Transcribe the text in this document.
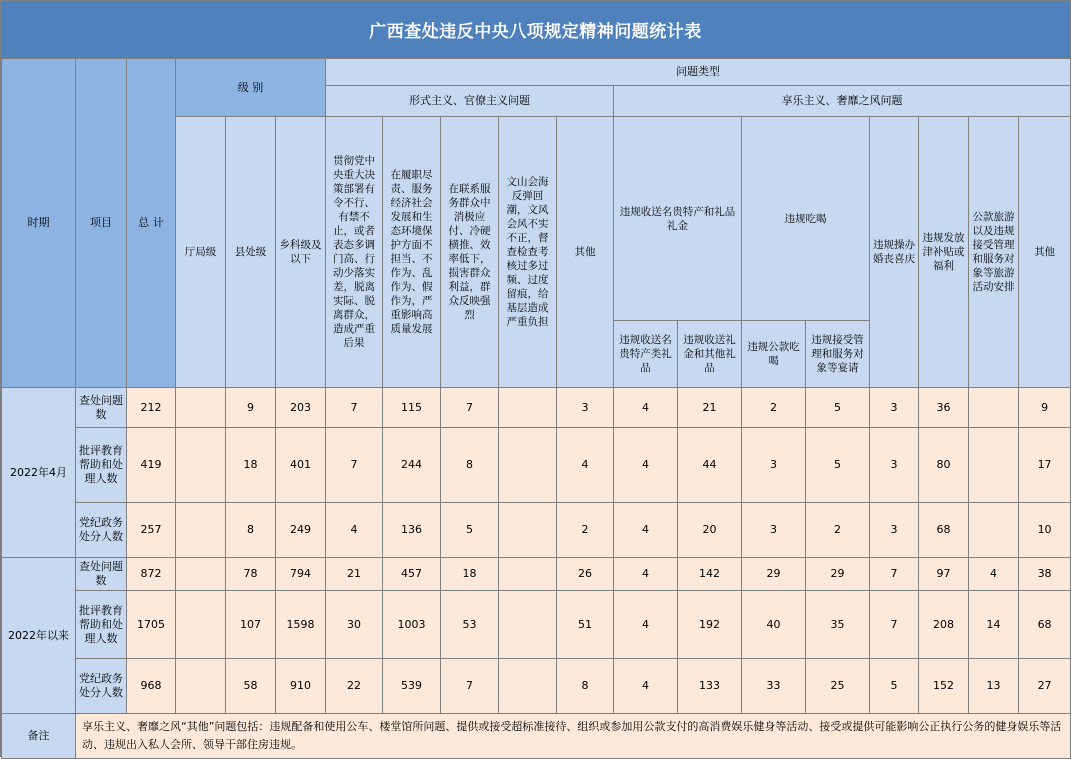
广西查处违反中央八项规定精神问题统计表
时期	项目	总 计	级 别			问题类型												
						形式主义、官僚主义问题					享乐主义、奢靡之风问题							
			厅局级	县处级	乡科级及以下	贯彻党中央重大决策部署有令不行、有禁不止，或者表态多调门高、行动少落实差，脱离实际、脱离群众，造成严重后果	在履职尽责、服务经济社会发展和生态环境保护方面不担当、不作为、乱作为、假作为，严重影响高质量发展	在联系服务群众中消极应付、冷硬横推、效率低下，损害群众利益，群众反映强烈	文山会海反弹回潮，文风会风不实不正，督查检查考核过多过频、过度留痕，给基层造成严重负担	其他	违规收送名贵特产和礼品礼金		违规吃喝		违规操办婚丧喜庆	违规发放津补贴或福利	公款旅游以及违规接受管理和服务对象等旅游活动安排	其他

											违规收送名贵特产类礼品	违规收送礼金和其他礼品	违规公款吃喝	违规接受管理和服务对象等宴请				
2022年4月	查处问题数	212		9	203	7	115	7		3	4	21	2	5	3	36		9
	批评教育帮助和处理人数	419		18	401	7	244	8		4	4	44	3	5	3	80		17
	党纪政务处分人数	257		8	249	4	136	5		2	4	20	3	2	3	68		10
2022年以来	查处问题数	872		78	794	21	457	18		26	4	142	29	29	7	97	4	38
	批评教育帮助和处理人数	1705		107	1598	30	1003	53		51	4	192	40	35	7	208	14	68
	党纪政务处分人数	968		58	910	22	539	7		8	4	133	33	25	5	152	13	27
备注	享乐主义、奢靡之风“其他”问题包括：违规配备和使用公车、楼堂馆所问题、提供或接受超标准接待、组织或参加用公款支付的高消费娱乐健身等活动、接受或提供可能影响公正执行公务的健身娱乐等活动、违规出入私人会所、领导干部住房违规。																	
